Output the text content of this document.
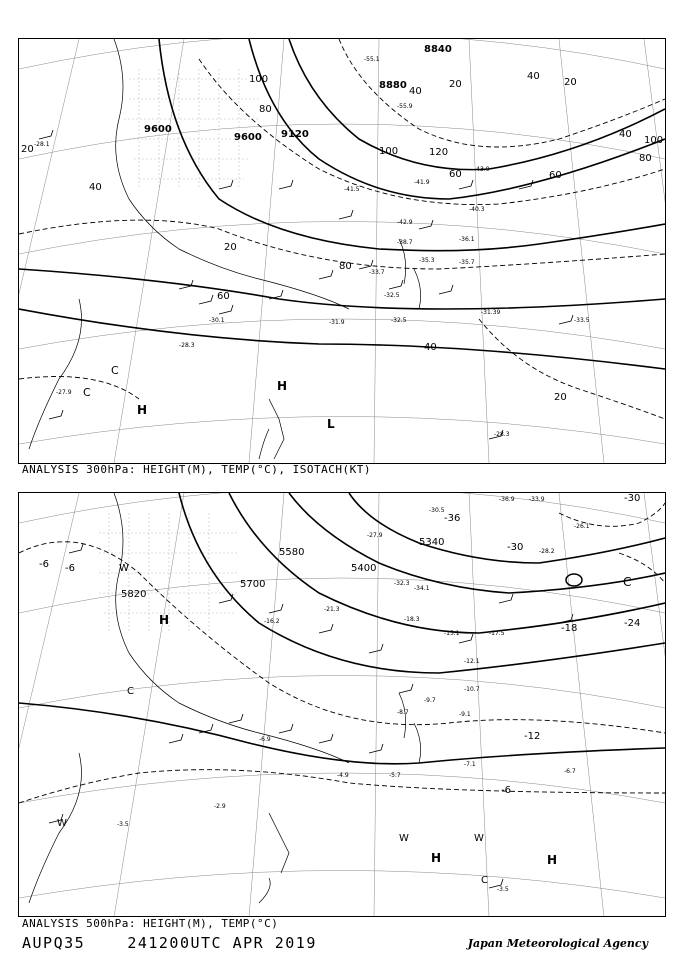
8840
8880
9600
9600 9120
100
80
60
40
20
20
40
60
80
100	120
100
80
40
20
60
40
20
40
20
-28.1
-41.9
-43.9
-41.5
-42.9
-36.1
-38.7
-35.7
-35.3
-33.7
-32.5
-32.5
-31.9
-30.1
-28.3
-27.9
-28.3
-33.5
-55.1
-55.9
-40.3
-31.39
H
H
L
C
C
ANALYSIS 300hPa: HEIGHT(M), TEMP(°C), ISOTACH(KT)
5820
5700
5580
5400
5340
-30
-36
-30
-24
-18
-12
-6
-6 -6
-36.9 -33.9
-30.5
-27.9
-34.1
-32.3
-28.2
-26.1
-21.3
-18.3
-16.2
-15.1	-17.5
-12.1
-10.7
-9.1
-7.1
-6.7
-5.7
-4.9
-3.5
-3.5
-2.9
-8.7
-6.9
-9.7
H	H
H
W
W	W
W
C
C
C
ANALYSIS 500hPa: HEIGHT(M), TEMP(°C)
AUPQ35	241200UTC APR 2019	Japan Meteorological Agency
